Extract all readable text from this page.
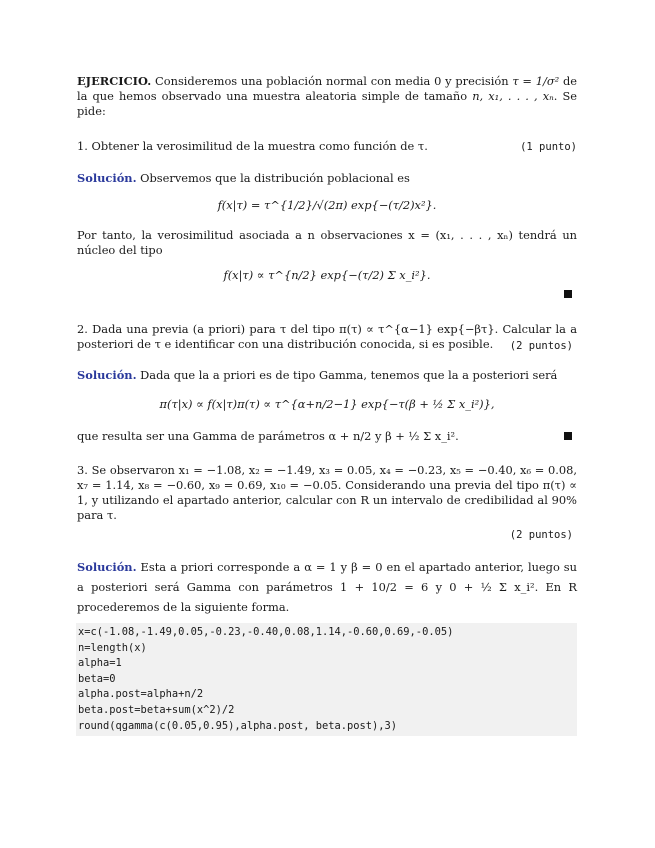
EJERCICIO. Consideremos una población normal con media 0 y precisión τ = 1/σ² de la que hemos observado una muestra aleatoria simple de tamaño n, x₁, . . . , xₙ. Se pide:

1. Obtener la verosimilitud de la muestra como función de τ.	(1 punto)

Solución. Observemos que la distribución poblacional es

f(x|τ) = τ^{1/2}/√(2π) exp{−(τ/2)x²}.

Por tanto, la verosimilitud asociada a n observaciones x = (x₁, . . . , xₙ) tendrá un núcleo del tipo

f(x|τ) ∝ τ^{n/2} exp{−(τ/2) Σ x_i²}.

2. Dada una previa (a priori) para τ del tipo π(τ) ∝ τ^{α−1} exp{−βτ}. Calcular la a posteriori de τ e identificar con una distribución conocida, si es posible.	(2 puntos)

Solución. Dada que la a priori es de tipo Gamma, tenemos que la a posteriori será

π(τ|x) ∝ f(x|τ)π(τ) ∝ τ^{α+n/2−1} exp{−τ(β + ½ Σ x_i²)},
que resulta ser una Gamma de parámetros α + n/2 y β + ½ Σ x_i².

3. Se observaron x₁ = −1.08, x₂ = −1.49, x₃ = 0.05, x₄ = −0.23, x₅ = −0.40, x₆ = 0.08, x₇ = 1.14, x₈ = −0.60, x₉ = 0.69, x₁₀ = −0.05. Considerando una previa del tipo π(τ) ∝ 1, y utilizando el apartado anterior, calcular con R un intervalo de credibilidad al 90% para τ.

(2 puntos)

Solución. Esta a priori corresponde a α = 1 y β = 0 en el apartado anterior, luego su a posteriori será Gamma con parámetros 1 + 10/2 = 6 y 0 + ½ Σ x_i². En R procederemos de la siguiente forma.

x=c(-1.08,-1.49,0.05,-0.23,-0.40,0.08,1.14,-0.60,0.69,-0.05)
n=length(x)
alpha=1
beta=0
alpha.post=alpha+n/2
beta.post=beta+sum(x^2)/2
round(qgamma(c(0.05,0.95),alpha.post, beta.post),3)
